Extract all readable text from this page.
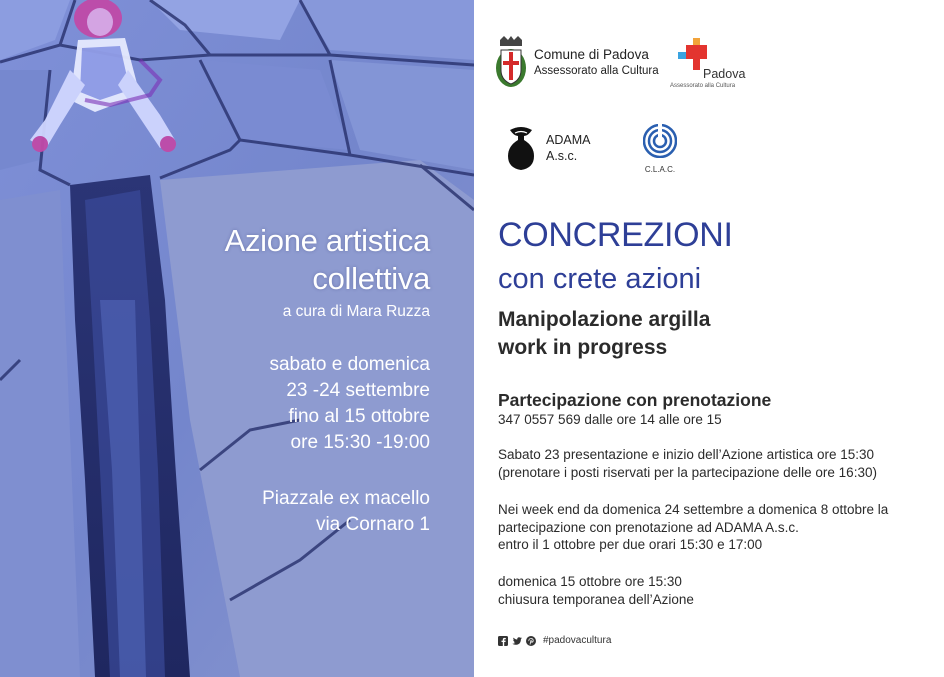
Azione artistica
collettiva
a cura di Mara Ruzza
sabato e domenica
23 -24 settembre
fino al 15 ottobre
ore 15:30 -19:00
Piazzale ex macello
via Cornaro 1
Comune di Padova
Assessorato alla Cultura	Padova
Assessorato alla Cultura
ADAMA
A.s.c.
C.L.A.C.
CONCREZIONI
con crete azioni
Manipolazione argilla
work in progress
Partecipazione con prenotazione
347 0557 569 dalle ore 14 alle ore 15
Sabato 23 presentazione e inizio dell’Azione artistica ore 15:30
(prenotare i posti riservati per la partecipazione delle ore 16:30)
Nei week end da domenica 24 settembre a domenica 8 ottobre la
partecipazione con prenotazione ad ADAMA A.s.c.
entro il 1 ottobre per due orari 15:30 e 17:00
domenica 15 ottobre ore 15:30
chiusura temporanea dell’Azione
#padovacultura
